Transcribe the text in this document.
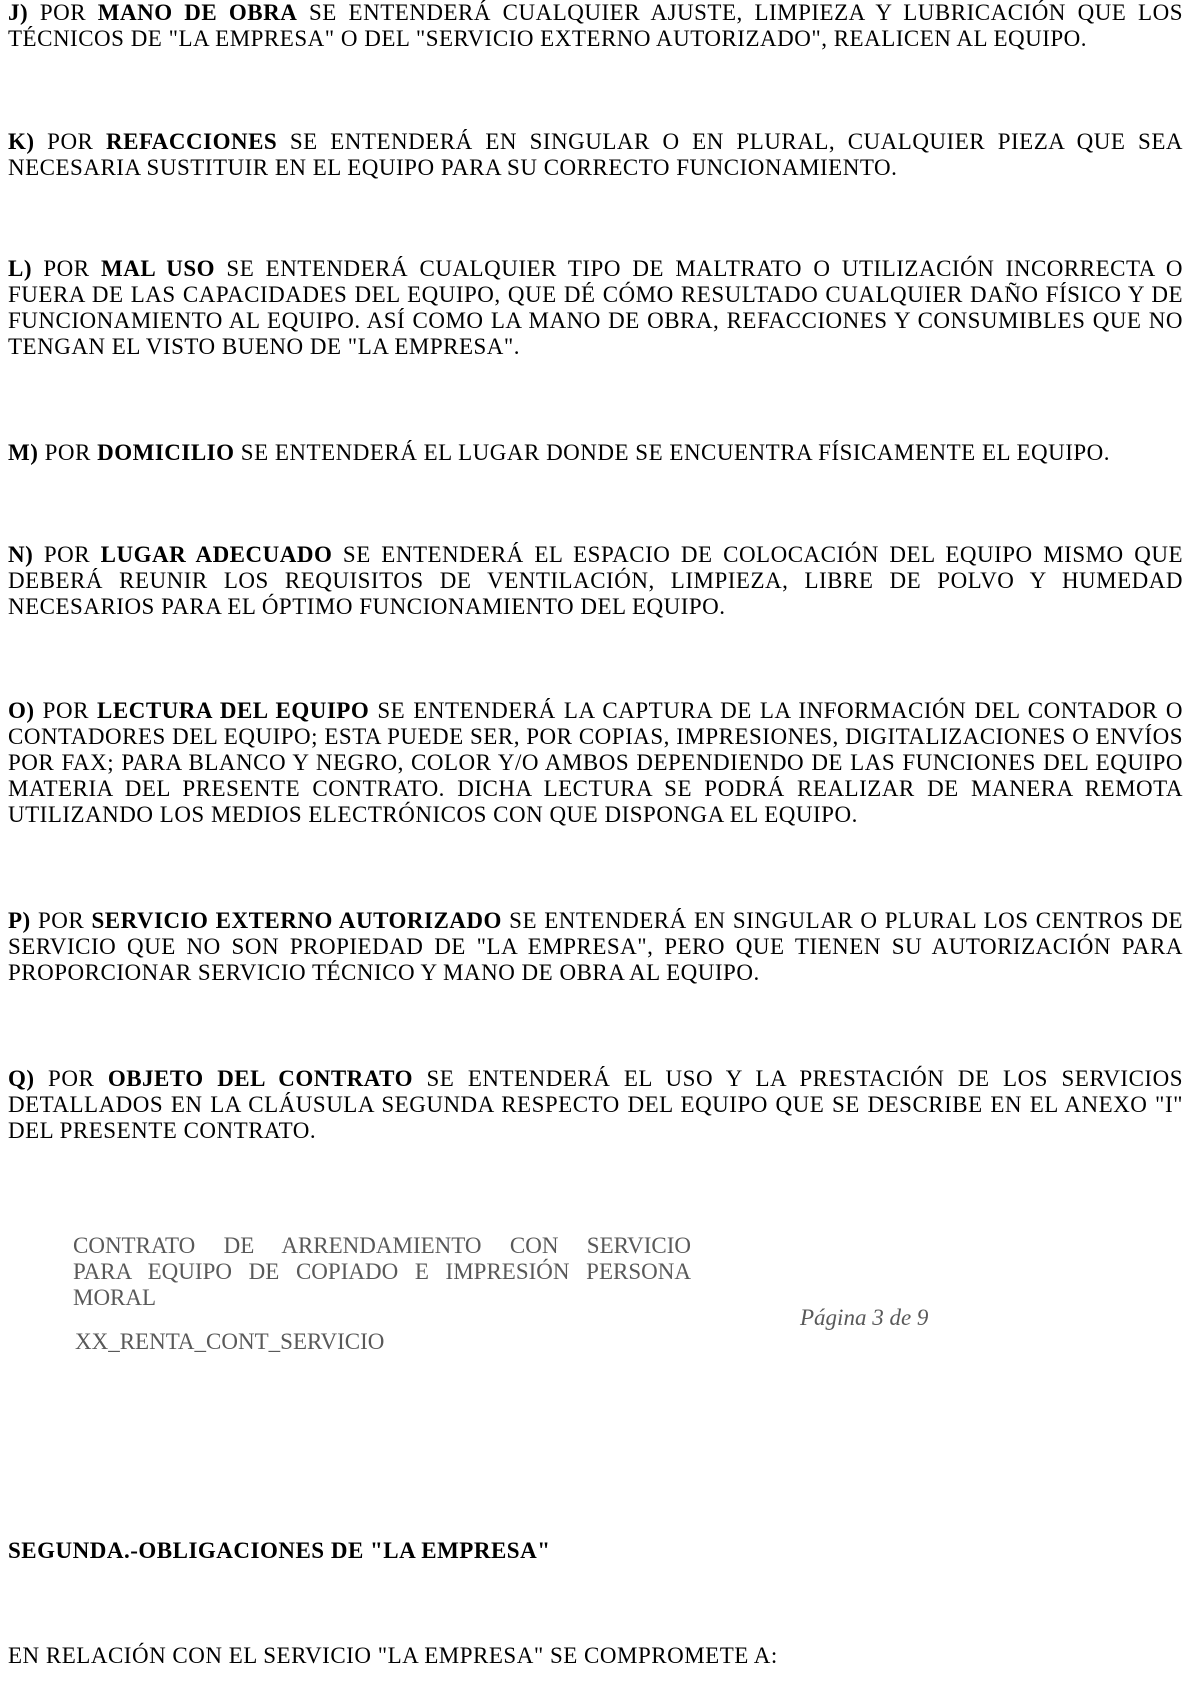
J) POR MANO DE OBRA SE ENTENDERÁ CUALQUIER AJUSTE, LIMPIEZA Y LUBRICACIÓN QUE LOS TÉCNICOS DE "LA EMPRESA" O DEL "SERVICIO EXTERNO AUTORIZADO", REALICEN AL EQUIPO.

K) POR REFACCIONES SE ENTENDERÁ EN SINGULAR O EN PLURAL, CUALQUIER PIEZA QUE SEA NECESARIA SUSTITUIR EN EL EQUIPO PARA SU CORRECTO FUNCIONAMIENTO.

L) POR MAL USO SE ENTENDERÁ CUALQUIER TIPO DE MALTRATO O UTILIZACIÓN INCORRECTA O FUERA DE LAS CAPACIDADES DEL EQUIPO, QUE DÉ CÓMO RESULTADO CUALQUIER DAÑO FÍSICO Y DE FUNCIONAMIENTO AL EQUIPO. ASÍ COMO LA MANO DE OBRA, REFACCIONES Y CONSUMIBLES QUE NO TENGAN EL VISTO BUENO DE "LA EMPRESA".

M) POR DOMICILIO SE ENTENDERÁ EL LUGAR DONDE SE ENCUENTRA FÍSICAMENTE EL EQUIPO.

N) POR LUGAR ADECUADO SE ENTENDERÁ EL ESPACIO DE COLOCACIÓN DEL EQUIPO MISMO QUE DEBERÁ REUNIR LOS REQUISITOS DE VENTILACIÓN, LIMPIEZA, LIBRE DE POLVO Y HUMEDAD NECESARIOS PARA EL ÓPTIMO FUNCIONAMIENTO DEL EQUIPO.

O) POR LECTURA DEL EQUIPO SE ENTENDERÁ LA CAPTURA DE LA INFORMACIÓN DEL CONTADOR O CONTADORES DEL EQUIPO; ESTA PUEDE SER, POR COPIAS, IMPRESIONES, DIGITALIZACIONES O ENVÍOS POR FAX; PARA BLANCO Y NEGRO, COLOR Y/O AMBOS DEPENDIENDO DE LAS FUNCIONES DEL EQUIPO MATERIA DEL PRESENTE CONTRATO. DICHA LECTURA SE PODRÁ REALIZAR DE MANERA REMOTA UTILIZANDO LOS MEDIOS ELECTRÓNICOS CON QUE DISPONGA EL EQUIPO.

P) POR SERVICIO EXTERNO AUTORIZADO SE ENTENDERÁ EN SINGULAR O PLURAL LOS CENTROS DE SERVICIO QUE NO SON PROPIEDAD DE "LA EMPRESA", PERO QUE TIENEN SU AUTORIZACIÓN PARA PROPORCIONAR SERVICIO TÉCNICO Y MANO DE OBRA AL EQUIPO.

Q) POR OBJETO DEL CONTRATO SE ENTENDERÁ EL USO Y LA PRESTACIÓN DE LOS SERVICIOS DETALLADOS EN LA CLÁUSULA SEGUNDA RESPECTO DEL EQUIPO QUE SE DESCRIBE EN EL ANEXO "I" DEL PRESENTE CONTRATO.

CONTRATO DE ARRENDAMIENTO CON SERVICIO
PARA EQUIPO DE COPIADO E IMPRESIÓN PERSONA
MORAL
Página 3 de 9
XX_RENTA_CONT_SERVICIO

SEGUNDA.-OBLIGACIONES DE "LA EMPRESA"

EN RELACIÓN CON EL SERVICIO "LA EMPRESA" SE COMPROMETE A:
